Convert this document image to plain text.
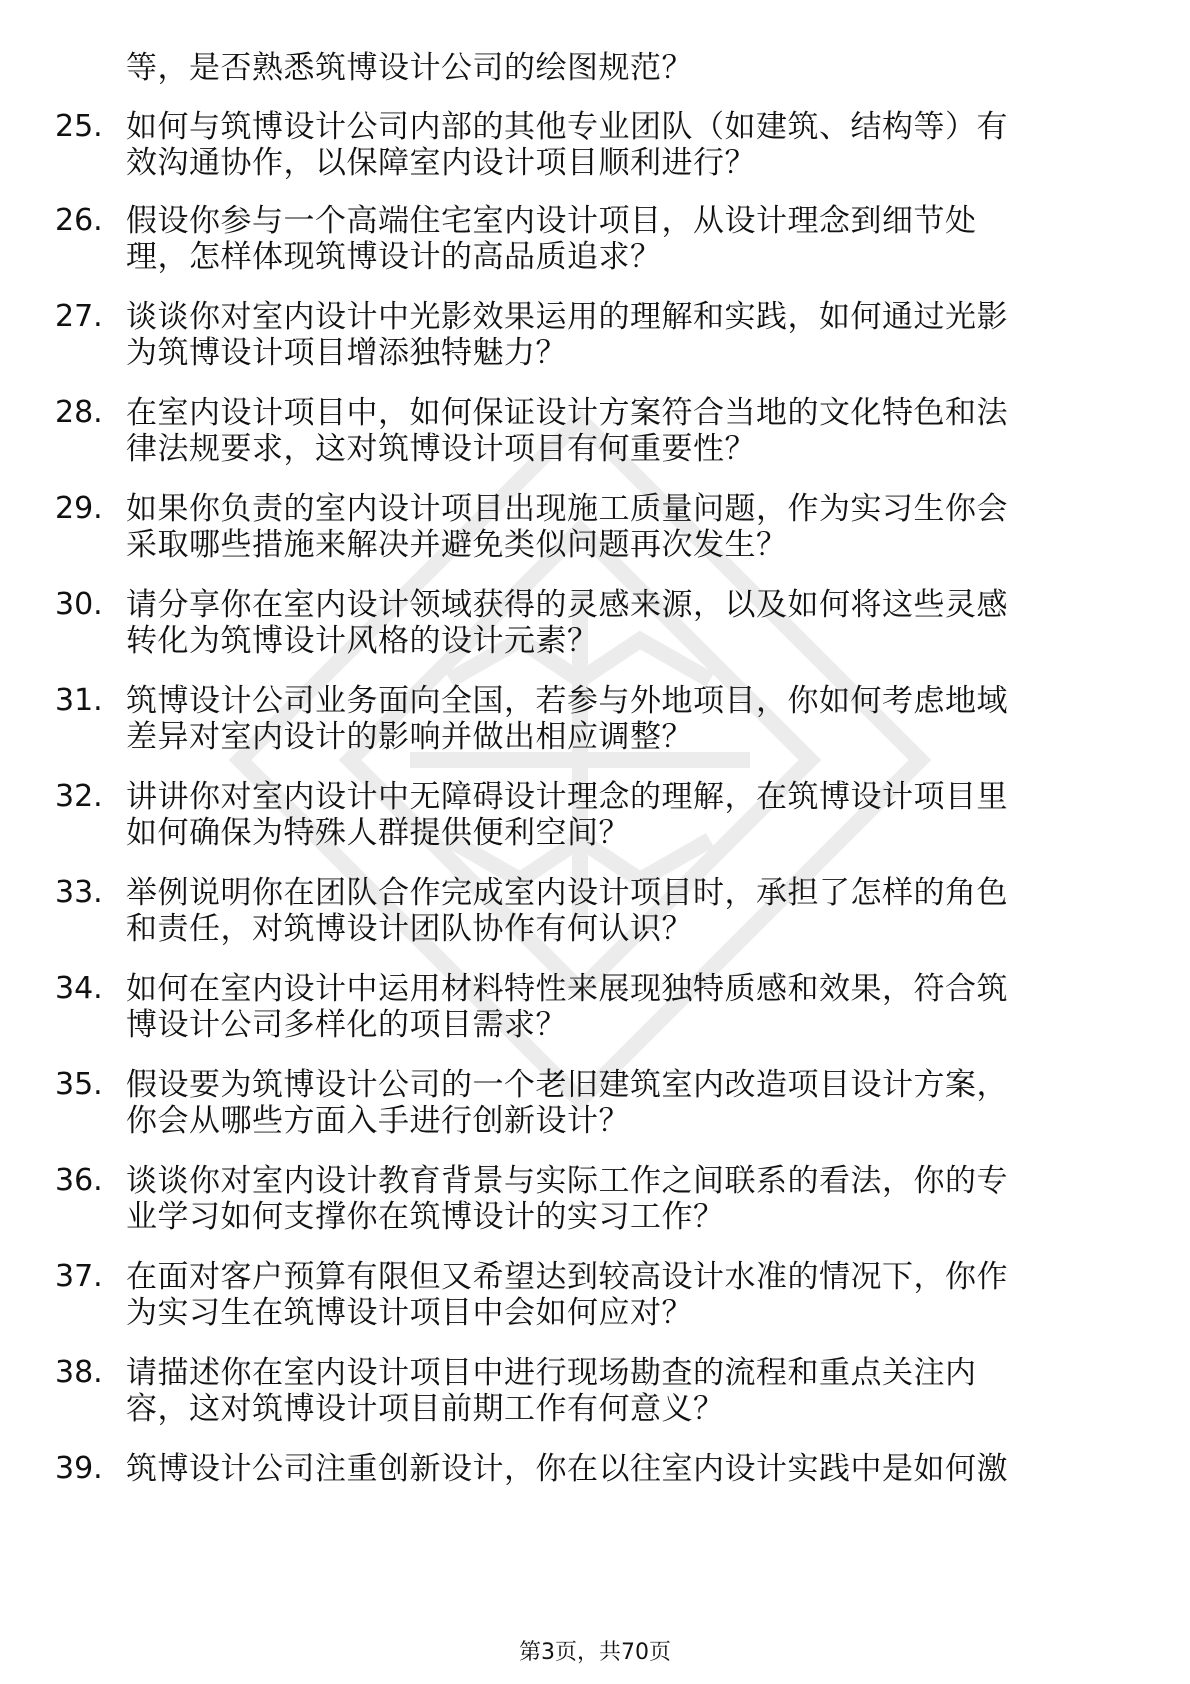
等，是否熟悉筑博设计公司的绘图规范？
25. 如何与筑博设计公司内部的其他专业团队（如建筑、结构等）有
效沟通协作，以保障室内设计项目顺利进行？
26. 假设你参与一个高端住宅室内设计项目，从设计理念到细节处
理，怎样体现筑博设计的高品质追求？
27. 谈谈你对室内设计中光影效果运用的理解和实践，如何通过光影
为筑博设计项目增添独特魅力？
28. 在室内设计项目中，如何保证设计方案符合当地的文化特色和法
律法规要求，这对筑博设计项目有何重要性？
29. 如果你负责的室内设计项目出现施工质量问题，作为实习生你会
采取哪些措施来解决并避免类似问题再次发生？
30. 请分享你在室内设计领域获得的灵感来源，以及如何将这些灵感
转化为筑博设计风格的设计元素？
31. 筑博设计公司业务面向全国，若参与外地项目，你如何考虑地域
差异对室内设计的影响并做出相应调整？
32. 讲讲你对室内设计中无障碍设计理念的理解，在筑博设计项目里
如何确保为特殊人群提供便利空间？
33. 举例说明你在团队合作完成室内设计项目时，承担了怎样的角色
和责任，对筑博设计团队协作有何认识？
34. 如何在室内设计中运用材料特性来展现独特质感和效果，符合筑
博设计公司多样化的项目需求？
35. 假设要为筑博设计公司的一个老旧建筑室内改造项目设计方案，
你会从哪些方面入手进行创新设计？
36. 谈谈你对室内设计教育背景与实际工作之间联系的看法，你的专
业学习如何支撑你在筑博设计的实习工作？
37. 在面对客户预算有限但又希望达到较高设计水准的情况下，你作
为实习生在筑博设计项目中会如何应对？
38. 请描述你在室内设计项目中进行现场勘查的流程和重点关注内
容，这对筑博设计项目前期工作有何意义？
39. 筑博设计公司注重创新设计，你在以往室内设计实践中是如何激
第3页，共70页
